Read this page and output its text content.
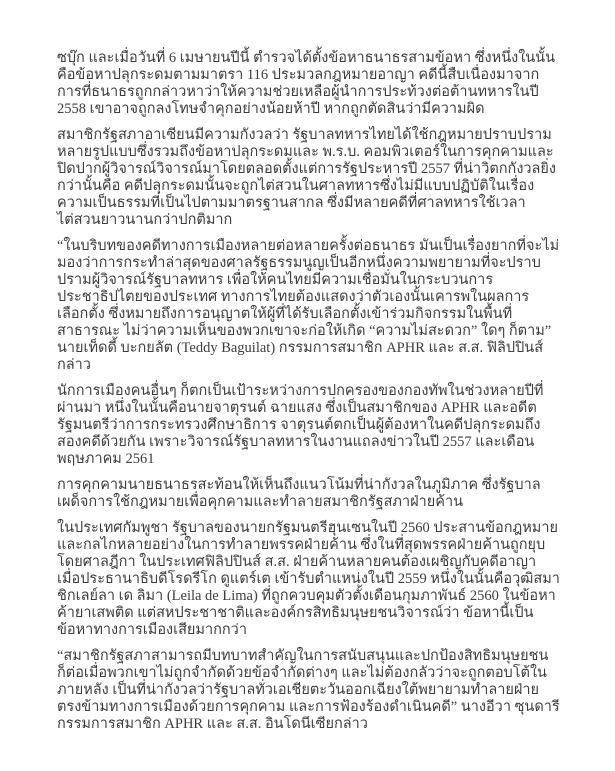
ซบุ๊ก และเมื่อวันที่ 6 เมษายนปีนี้ ตำรวจได้ตั้งข้อหาธนาธรสามข้อหา ซึ่งหนึ่งในนั้นคือข้อหาปลุกระดมตามมาตรา 116 ประมวลกฎหมายอาญา คดีนี้สืบเนื่องมาจากการที่ธนาธรถูกกล่าวหาว่าให้ความช่วยเหลือผู้นำการประท้วงต่อต้านทหารในปี 2558 เขาอาจถูกลงโทษจำคุกอย่างน้อยห้าปี หากถูกตัดสินว่ามีความผิด

สมาชิกรัฐสภาอาเซียนมีความกังวลว่า รัฐบาลทหารไทยได้ใช้กฎหมายปราบปรามหลายรูปแบบซึ่งรวมถึงข้อหาปลุกระดมและ พ.ร.บ. คอมพิวเตอร์ในการคุกคามและปิดปากผู้วิจารณ์วิจารณ์มาโดยตลอดตั้งแต่การรัฐประหารปี 2557 ที่น่าวิตกกังวลยิ่งกว่านั้นคือ คดีปลุกระดมนั้นจะถูกไต่สวนในศาลทหารซึ่งไม่มีแบบปฏิบัติในเรื่องความเป็นธรรมที่เป็นไปตามมาตรฐานสากล ซึ่งมีหลายคดีที่ศาลทหารใช้เวลาไต่สวนยาวนานกว่าปกติมาก

“ในบริบทของคดีทางการเมืองหลายต่อหลายครั้งต่อธนาธร มันเป็นเรื่องยากที่จะไม่มองว่าการกระทำล่าสุดของศาลรัฐธรรมนูญเป็นอีกหนึ่งความพยายามที่จะปราบปรามผู้วิจารณ์รัฐบาลทหาร เพื่อให้คนไทยมีความเชื่อมั่นในกระบวนการประชาธิปไตยของประเทศ ทางการไทยต้องแสดงว่าตัวเองนั้นเคารพในผลการเลือกตั้ง ซึ่งหมายถึงการอนุญาตให้ผู้ที่ได้รับเลือกตั้งเข้าร่วมกิจกรรมในพื้นที่สาธารณะ ไม่ว่าความเห็นของพวกเขาจะก่อให้เกิด “ความไม่สะดวก” ใดๆ ก็ตาม” นายเท็ดดี้ บะกยลัต (Teddy Baguilat) กรรมการสมาชิก APHR และ ส.ส. ฟิลิปปินส์กล่าว

นักการเมืองคนอื่นๆ ก็ตกเป็นเป้าระหว่างการปกครองของกองทัพในช่วงหลายปีที่ผ่านมา หนึ่งในนั้นคือนายจาตุรนต์ ฉายแสง ซึ่งเป็นสมาชิกของ APHR และอดีตรัฐมนตรีว่าการกระทรวงศึกษาธิการ จาตุรนต์ตกเป็นผู้ต้องหาในคดีปลุกระดมถึงสองคดีด้วยกัน เพราะวิจารณ์รัฐบาลทหารในงานแถลงข่าวในปี 2557 และเดือนพฤษภาคม 2561

การคุกคามนายธนาธรสะท้อนให้เห็นถึงแนวโน้มที่น่ากังวลในภูมิภาค ซึ่งรัฐบาลเผด็จการใช้กฎหมายเพื่อคุกคามและทำลายสมาชิกรัฐสภาฝ่ายค้าน

ในประเทศกัมพูชา รัฐบาลของนายกรัฐมนตรีฮุนเซนในปี 2560 ประสานข้อกฎหมายและกลไกหลายอย่างในการทำลายพรรคฝ่ายค้าน ซึ่งในที่สุดพรรคฝ่ายค้านถูกยุบโดยศาลฎีกา ในประเทศฟิลิปปินส์ ส.ส. ฝ่ายค้านหลายคนต้องเผชิญกับคดีอาญา เมื่อประธานาธิบดีโรดรีโก ดูแตร์เต เข้ารับตำแหน่งในปี 2559 หนึ่งในนั้นคือวุฒิสมาชิกเลย์ลา เด ลิมา (Leila de Lima) ที่ถูกควบคุมตัวตั้งเดือนกุมภาพันธ์ 2560 ในข้อหาค้ายาเสพติด แต่สหประชาชาติและองค์กรสิทธิมนุษยชนวิจารณ์ว่า ข้อหานี้เป็นข้อหาทางการเมืองเสียมากกว่า

“สมาชิกรัฐสภาสามารถมีบทบาทสำคัญในการสนับสนุนและปกป้องสิทธิมนุษยชน ก็ต่อเมื่อพวกเขาไม่ถูกจำกัดด้วยข้อจำกัดต่างๆ และไม่ต้องกลัวว่าจะถูกตอบโต้ในภายหลัง เป็นที่น่ากังวลว่ารัฐบาลทั่วเอเชียตะวันออกเฉียงใต้พยายามทำลายฝ่ายตรงข้ามทางการเมืองด้วยการคุกคาม และการฟ้องร้องดำเนินคดี” นางอีวา ซุนดารี กรรมการสมาชิก APHR และ ส.ส. อินโดนีเซียกล่าว
